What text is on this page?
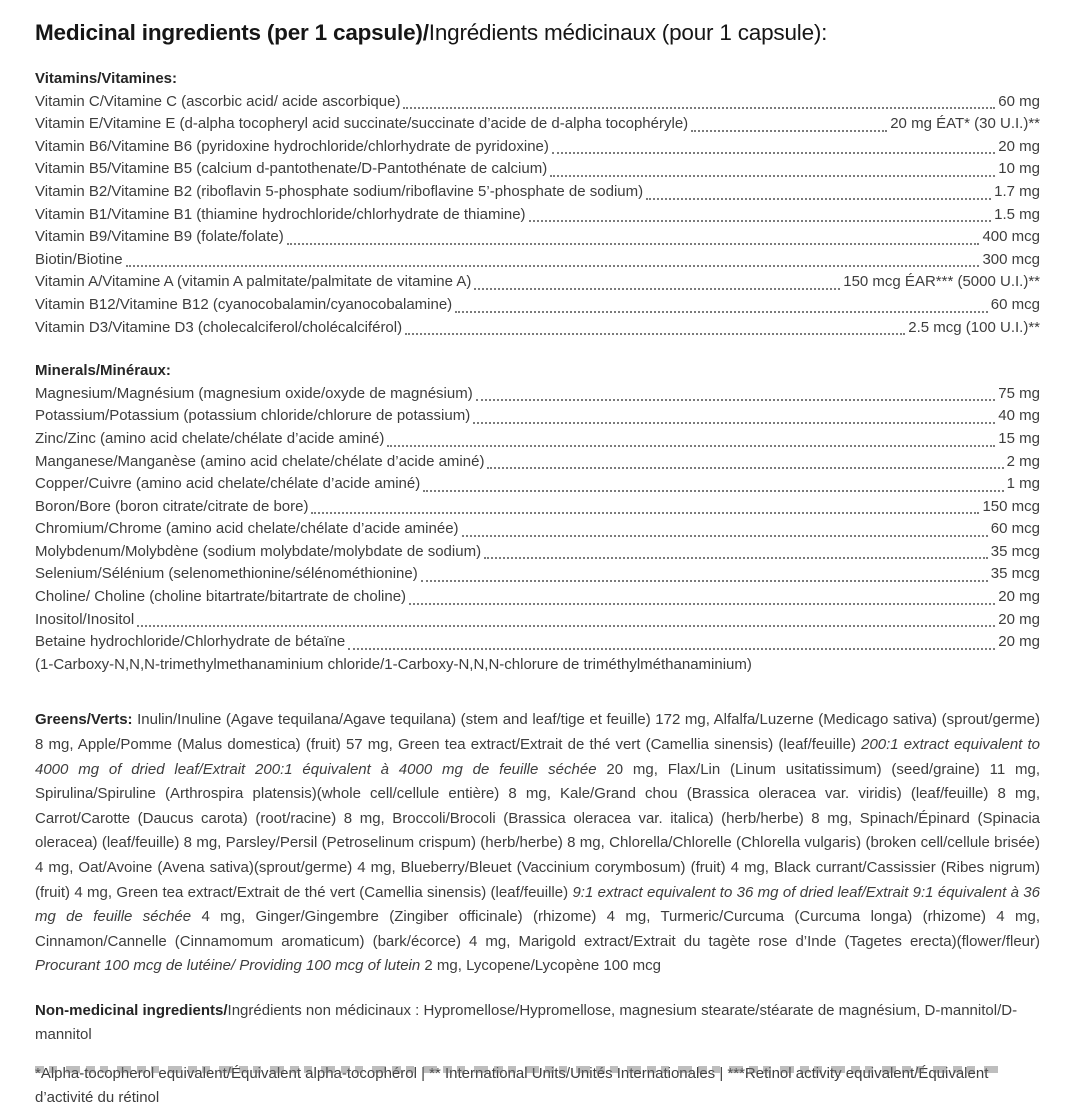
Medicinal ingredients (per 1 capsule)/Ingrédients médicinaux (pour 1 capsule):
Vitamins/Vitamines:
Vitamin C/Vitamine C (ascorbic acid/ acide ascorbique)	60 mg
Vitamin E/Vitamine E (d-alpha tocopheryl acid succinate/succinate d’acide de d-alpha tocophéryle)	20 mg ÉAT* (30 U.I.)**
Vitamin B6/Vitamine B6 (pyridoxine hydrochloride/chlorhydrate de pyridoxine)	20 mg
Vitamin B5/Vitamine B5 (calcium d-pantothenate/D-Pantothénate de calcium)	10 mg
Vitamin B2/Vitamine B2 (riboflavin 5-phosphate sodium/riboflavine 5’-phosphate de sodium)	1.7 mg
Vitamin B1/Vitamine B1 (thiamine hydrochloride/chlorhydrate de thiamine)	1.5 mg
Vitamin B9/Vitamine B9 (folate/folate)	400 mcg
Biotin/Biotine	300 mcg
Vitamin A/Vitamine A (vitamin A palmitate/palmitate de vitamine A)	150 mcg ÉAR*** (5000 U.I.)**
Vitamin B12/Vitamine B12 (cyanocobalamin/cyanocobalamine)	60 mcg
Vitamin D3/Vitamine D3 (cholecalciferol/cholécalciférol)	2.5 mcg (100 U.I.)**
Minerals/Minéraux:
Magnesium/Magnésium (magnesium oxide/oxyde de magnésium)	75 mg
Potassium/Potassium (potassium chloride/chlorure de potassium)	40 mg
Zinc/Zinc (amino acid chelate/chélate d’acide aminé)	15 mg
Manganese/Manganèse (amino acid chelate/chélate d’acide aminé)	2 mg
Copper/Cuivre (amino acid chelate/chélate d’acide aminé)	1 mg
Boron/Bore (boron citrate/citrate de bore)	150 mcg
Chromium/Chrome (amino acid chelate/chélate d’acide aminée)	60 mcg
Molybdenum/Molybdène (sodium molybdate/molybdate de sodium)	35 mcg
Selenium/Sélénium (selenomethionine/sélénométhionine)	35 mcg
Choline/ Choline (choline bitartrate/bitartrate de choline)	20 mg
Inositol/Inositol	20 mg
Betaine hydrochloride/Chlorhydrate de bétaïne	20 mg
(1-Carboxy-N,N,N-trimethylmethanaminium chloride/1-Carboxy-N,N,N-chlorure de triméthylméthanaminium)

Greens/Verts: Inulin/Inuline (Agave tequilana/Agave tequilana) (stem and leaf/tige et feuille) 172 mg, Alfalfa/Luzerne (Medicago sativa) (sprout/germe) 8 mg, Apple/Pomme (Malus domestica) (fruit) 57 mg, Green tea extract/Extrait de thé vert (Camellia sinensis) (leaf/feuille) 200:1 extract equivalent to 4000 mg of dried leaf/Extrait 200:1 équivalent à 4000 mg de feuille séchée 20 mg, Flax/Lin (Linum usitatissimum) (seed/graine) 11 mg, Spirulina/Spiruline (Arthrospira platensis)(whole cell/cellule entière) 8 mg, Kale/Grand chou (Brassica oleracea var. viridis) (leaf/feuille) 8 mg, Carrot/Carotte (Daucus carota) (root/racine) 8 mg, Broccoli/Brocoli (Brassica oleracea var. italica) (herb/herbe) 8 mg, Spinach/Épinard (Spinacia oleracea) (leaf/feuille) 8 mg, Parsley/Persil (Petroselinum crispum) (herb/herbe) 8 mg, Chlorella/Chlorelle (Chlorella vulgaris) (broken cell/cellule brisée) 4 mg, Oat/Avoine (Avena sativa)(sprout/germe) 4 mg, Blueberry/Bleuet (Vaccinium corymbosum) (fruit) 4 mg, Black currant/Cassissier (Ribes nigrum)(fruit) 4 mg, Green tea extract/Extrait de thé vert (Camellia sinensis) (leaf/feuille) 9:1 extract equivalent to 36 mg of dried leaf/Extrait 9:1 équivalent à 36 mg de feuille séchée 4 mg, Ginger/Gingembre (Zingiber officinale) (rhizome) 4 mg, Turmeric/Curcuma (Curcuma longa) (rhizome) 4 mg, Cinnamon/Cannelle (Cinnamomum aromaticum) (bark/écorce) 4 mg, Marigold extract/Extrait du tagète rose d’Inde (Tagetes erecta)(flower/fleur) Procurant 100 mcg de lutéine/ Providing 100 mcg of lutein 2 mg, Lycopene/Lycopène 100 mcg

Non-medicinal ingredients/Ingrédients non médicinaux : Hypromellose/Hypromellose, magnesium stearate/stéarate de magnésium, D-mannitol/D-mannitol

*Alpha-tocopherol equivalent/Équivalent alpha-tocophérol | ** International Units/Unités Internationales | ***Retinol activity equivalent/Équivalent d’activité du rétinol
